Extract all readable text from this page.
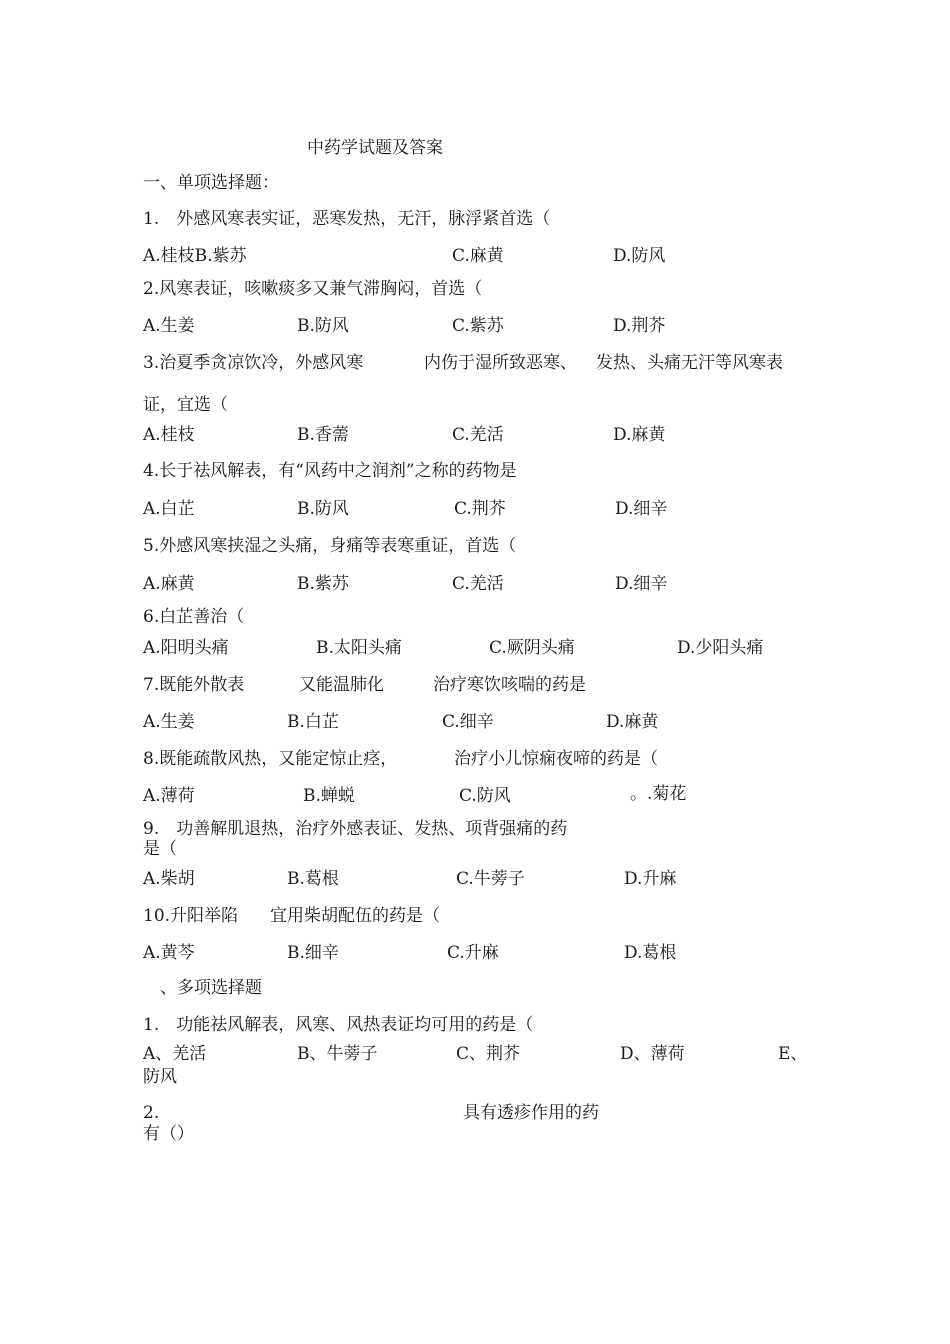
中药学试题及答案
一、单项选择题：
1.　外感风寒表实证，恶寒发热，无汗，脉浮紧首选（
A.桂枝B.紫苏	C.麻黄	D.防风
2.风寒表证，咳嗽痰多又兼气滞胸闷，首选（
A.生姜	B.防风	C.紫苏	D.荆芥
3.治夏季贪凉饮冷，外感风寒	内伤于湿所致恶寒、 发热、头痛无汗等风寒表
证，宜选（
A.桂枝	B.香薷	C.羌活	D.麻黄
4.长于祛风解表，有“风药中之润剂”之称的药物是
A.白芷	B.防风	C.荆芥	D.细辛
5.外感风寒挟湿之头痛，身痛等表寒重证，首选（
A.麻黄	B.紫苏	C.羌活	D.细辛
6.白芷善治（
A.阳明头痛	B.太阳头痛	C.厥阴头痛	D.少阳头痛
7.既能外散表	又能温肺化	治疗寒饮咳喘的药是
A.生姜	B.白芷	C.细辛	D.麻黄
8.既能疏散风热，又能定惊止痉，	治疗小儿惊痫夜啼的药是（
A.薄荷	B.蝉蜕	C.防风	。.菊花
9.　功善解肌退热，治疗外感表证、发热、项背强痛的药
是（
A.柴胡	B.葛根	C.牛蒡子	D.升麻
10.升阳举陷 宜用柴胡配伍的药是（
A.黄芩	B.细辛	C.升麻	D.葛根
、多项选择题
1.　功能祛风解表，风寒、风热表证均可用的药是（
A、羌活	B、牛蒡子	C、荆芥	D、薄荷	E、
防风
2.	具有透疹作用的药
有（）
